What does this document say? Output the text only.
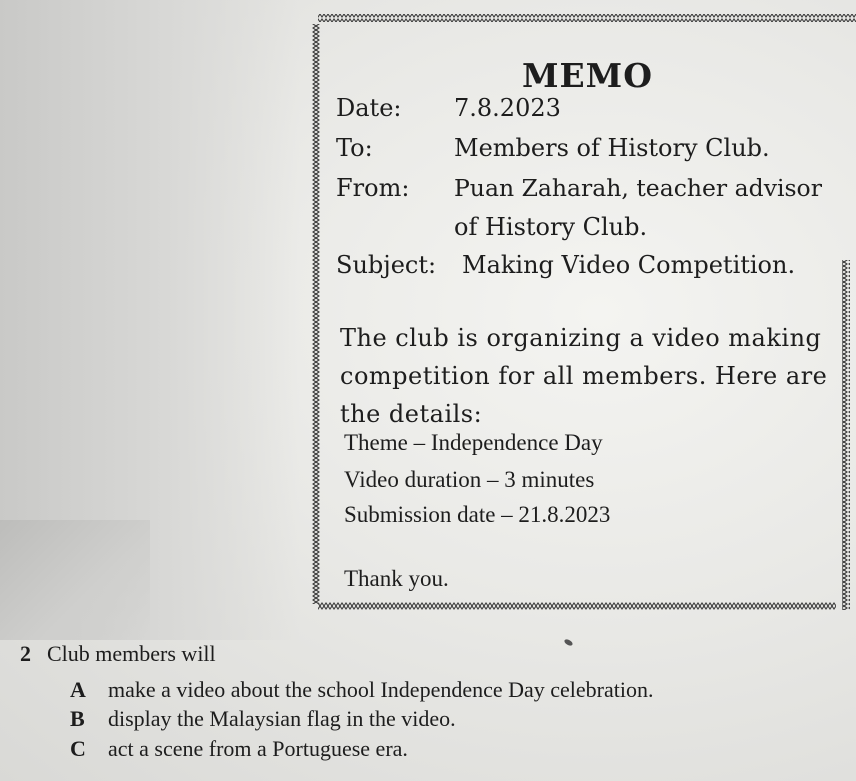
MEMO
Date: 7.8.2023
To:	Members of History Club.
From: Puan Zaharah, teacher advisor
of History Club.
Subject: Making Video Competition.
The club is organizing a video making
competition for all members. Here are
the details:
Theme – Independence Day
Video duration – 3 minutes
Submission date – 21.8.2023
Thank you.
2 Club members will
A make a video about the school Independence Day celebration.
B display the Malaysian flag in the video.
C act a scene from a Portuguese era.
